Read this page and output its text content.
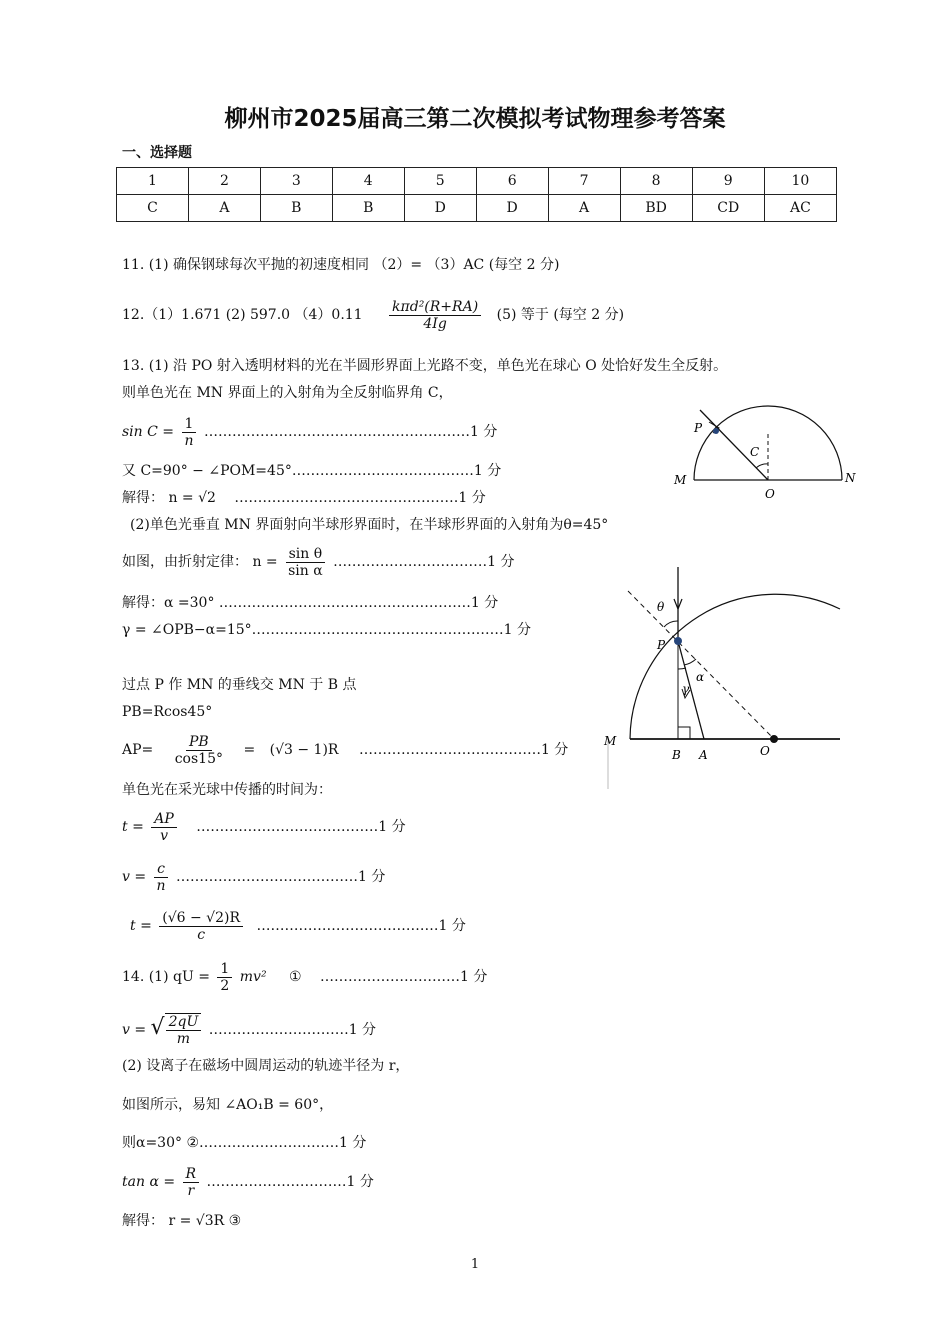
柳州市2025届高三第二次模拟考试物理参考答案
一、选择题
1	2	3	4	5	6	7	8	9	10
C	A	B	B	D	D	A	BD	CD	AC
11. (1) 确保钢球每次平抛的初速度相同 （2）= （3）AC (每空 2 分)
12.（1）1.671 (2) 597.0 $(4)0.11 \frac{\text{kπd²(R+RA)}}{4Ig} (5)$ 等于 (每空 2 分)
13. (1) 沿 PO 射入透明材料的光在半圆形界面上光路不变，单色光在球心 O 处恰好发生全反射。
则单色光在 MN 界面上的入射角为全反射临界角 C，
$\sin C = \frac{1}{n}$ …………………………………………………1 分
又 C=90° − ∠POM=45°…………………………………1 分
解得： n = √2 …………………………………………1 分
(2)单色光垂直 MN 界面射向半球形界面时，在半球形界面的入射角为θ=45°
如图，由折射定律： $n = \frac{\text{sin θ}}{\text{sin α}}$ ……………………………1 分
解得：α =30° ………………………………………………1 分
γ = ∠OPB−α=15°………………………………………………1 分
过点 P 作 MN 的垂线交 MN 于 B 点
PB=Rcos45°
$AP= \frac{PB}{\cos 15^\circ} = (√3 - 1)R$ …………………………………1 分
单色光在采光球中传播的时间为：
$t = \frac{AP}{v}$ …………………………………1 分
$v = \frac{c}{n}$ …………………………………1 分
$t = \frac{(√6 - √2)R}{c}$ …………………………………1 分
14. (1) qU = $\frac{1}{2} mv^2$ ① …………………………1 分
v = √ $\frac{2qU}{m}$ …………………………1 分
(2) 设离子在磁场中圆周运动的轨迹半径为 r，
如图所示，易知 ∠AO₁B = 60°，
则α=30° ②…………………………1 分
$\tan \alpha = \frac{R}{r}$ …………………………1 分
解得： r = √3R ③
P
C
M	N
O
θ
P
α
γ
M
B A	O
1
